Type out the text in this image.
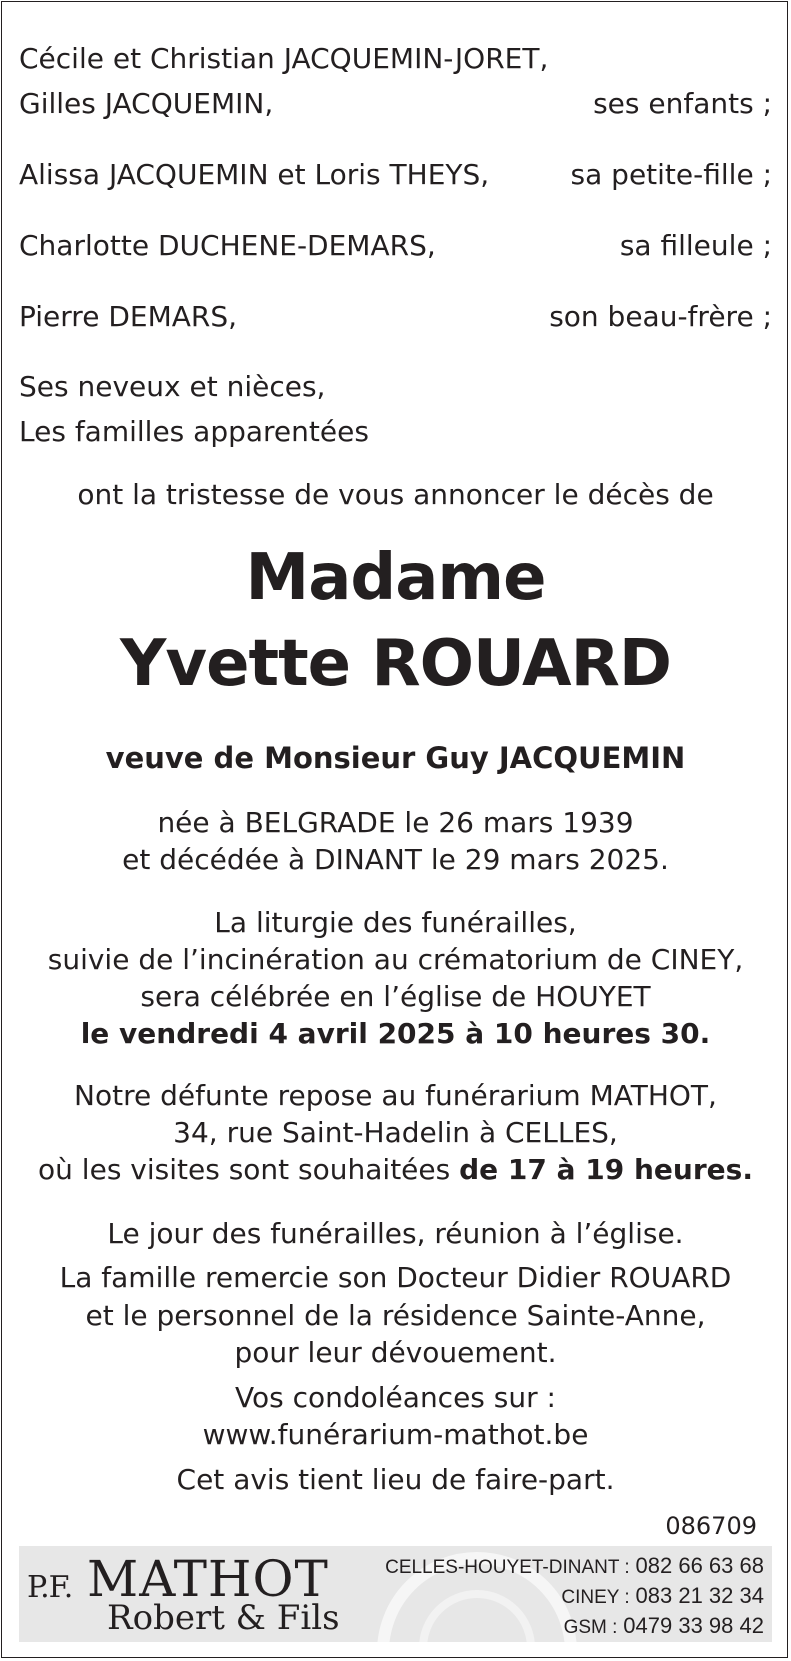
Cécile et Christian JACQUEMIN-JORET,
Gilles JACQUEMIN,	ses enfants ;
Alissa JACQUEMIN et Loris THEYS,	sa petite-fille ;
Charlotte DUCHENE-DEMARS,	sa filleule ;
Pierre DEMARS,	son beau-frère ;
Ses neveux et nièces,
Les familles apparentées
ont la tristesse de vous annoncer le décès de
Madame
Yvette ROUARD
veuve de Monsieur Guy JACQUEMIN
née à BELGRADE le 26 mars 1939
et décédée à DINANT le 29 mars 2025.
La liturgie des funérailles,
suivie de l’incinération au crématorium de CINEY,
sera célébrée en l’église de HOUYET
le vendredi 4 avril 2025 à 10 heures 30.
Notre défunte repose au funérarium MATHOT,
34, rue Saint-Hadelin à CELLES,
où les visites sont souhaitées de 17 à 19 heures.
Le jour des funérailles, réunion à l’église.
La famille remercie son Docteur Didier ROUARD
et le personnel de la résidence Sainte-Anne,
pour leur dévouement.
Vos condoléances sur :
www.funérarium-mathot.be
Cet avis tient lieu de faire-part.
086709
P.F. MATHOT
Robert & Fils
CELLES-HOUYET-DINANT : 082 66 63 68
CINEY : 083 21 32 34
GSM : 0479 33 98 42
